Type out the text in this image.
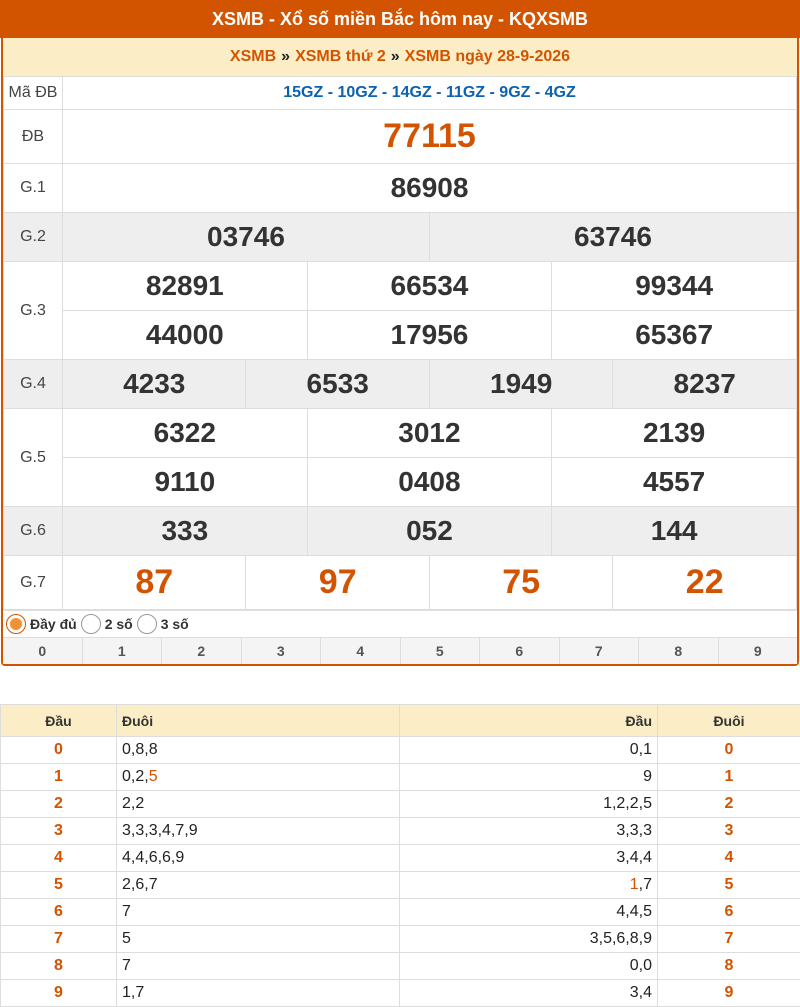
XSMB - Xổ số miền Bắc hôm nay - KQXSMB
XSMB » XSMB thứ 2 » XSMB ngày 28-9-2026
Mã ĐB	15GZ - 10GZ - 14GZ - 11GZ - 9GZ - 4GZ					
ĐB	77115					
G.1	86908					
G.2	03746			63746		
G.3	82891		66534		99344	
	44000		17956		65367	
G.4	4233	6533		1949		8237
G.5	6322		3012		2139	
	9110		0408		4557	
G.6	333		052		144	
G.7	87	97		75		22
Đầy đủ 2 số 3 số
0	1	2	3	4	5	6	7	8	9
Đầu	Đuôi	Đầu	Đuôi
0	0,8,8	0,1	0
1	0,2,5	9	1
2	2,2	1,2,2,5	2
3	3,3,3,4,7,9	3,3,3	3
4	4,4,6,6,9	3,4,4	4
5	2,6,7	1,7	5
6	7	4,4,5	6
7	5	3,5,6,8,9	7
8	7	0,0	8
9	1,7	3,4	9
